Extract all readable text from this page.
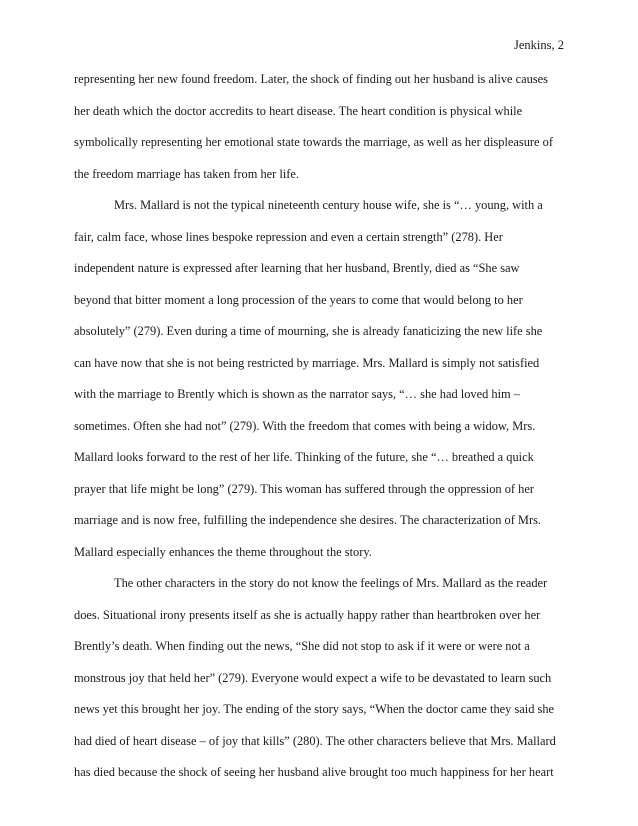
Jenkins, 2
representing her new found freedom. Later, the shock of finding out her husband is alive causes
her death which the doctor accredits to heart disease. The heart condition is physical while
symbolically representing her emotional state towards the marriage, as well as her displeasure of
the freedom marriage has taken from her life.
Mrs. Mallard is not the typical nineteenth century house wife, she is “… young, with a
fair, calm face, whose lines bespoke repression and even a certain strength” (278). Her
independent nature is expressed after learning that her husband, Brently, died as “She saw
beyond that bitter moment a long procession of the years to come that would belong to her
absolutely” (279). Even during a time of mourning, she is already fanaticizing the new life she
can have now that she is not being restricted by marriage. Mrs. Mallard is simply not satisfied
with the marriage to Brently which is shown as the narrator says, “… she had loved him –
sometimes. Often she had not” (279). With the freedom that comes with being a widow, Mrs.
Mallard looks forward to the rest of her life. Thinking of the future, she “… breathed a quick
prayer that life might be long” (279). This woman has suffered through the oppression of her
marriage and is now free, fulfilling the independence she desires. The characterization of Mrs.
Mallard especially enhances the theme throughout the story.
The other characters in the story do not know the feelings of Mrs. Mallard as the reader
does. Situational irony presents itself as she is actually happy rather than heartbroken over her
Brently’s death. When finding out the news, “She did not stop to ask if it were or were not a
monstrous joy that held her” (279). Everyone would expect a wife to be devastated to learn such
news yet this brought her joy. The ending of the story says, “When the doctor came they said she
had died of heart disease – of joy that kills” (280). The other characters believe that Mrs. Mallard
has died because the shock of seeing her husband alive brought too much happiness for her heart
